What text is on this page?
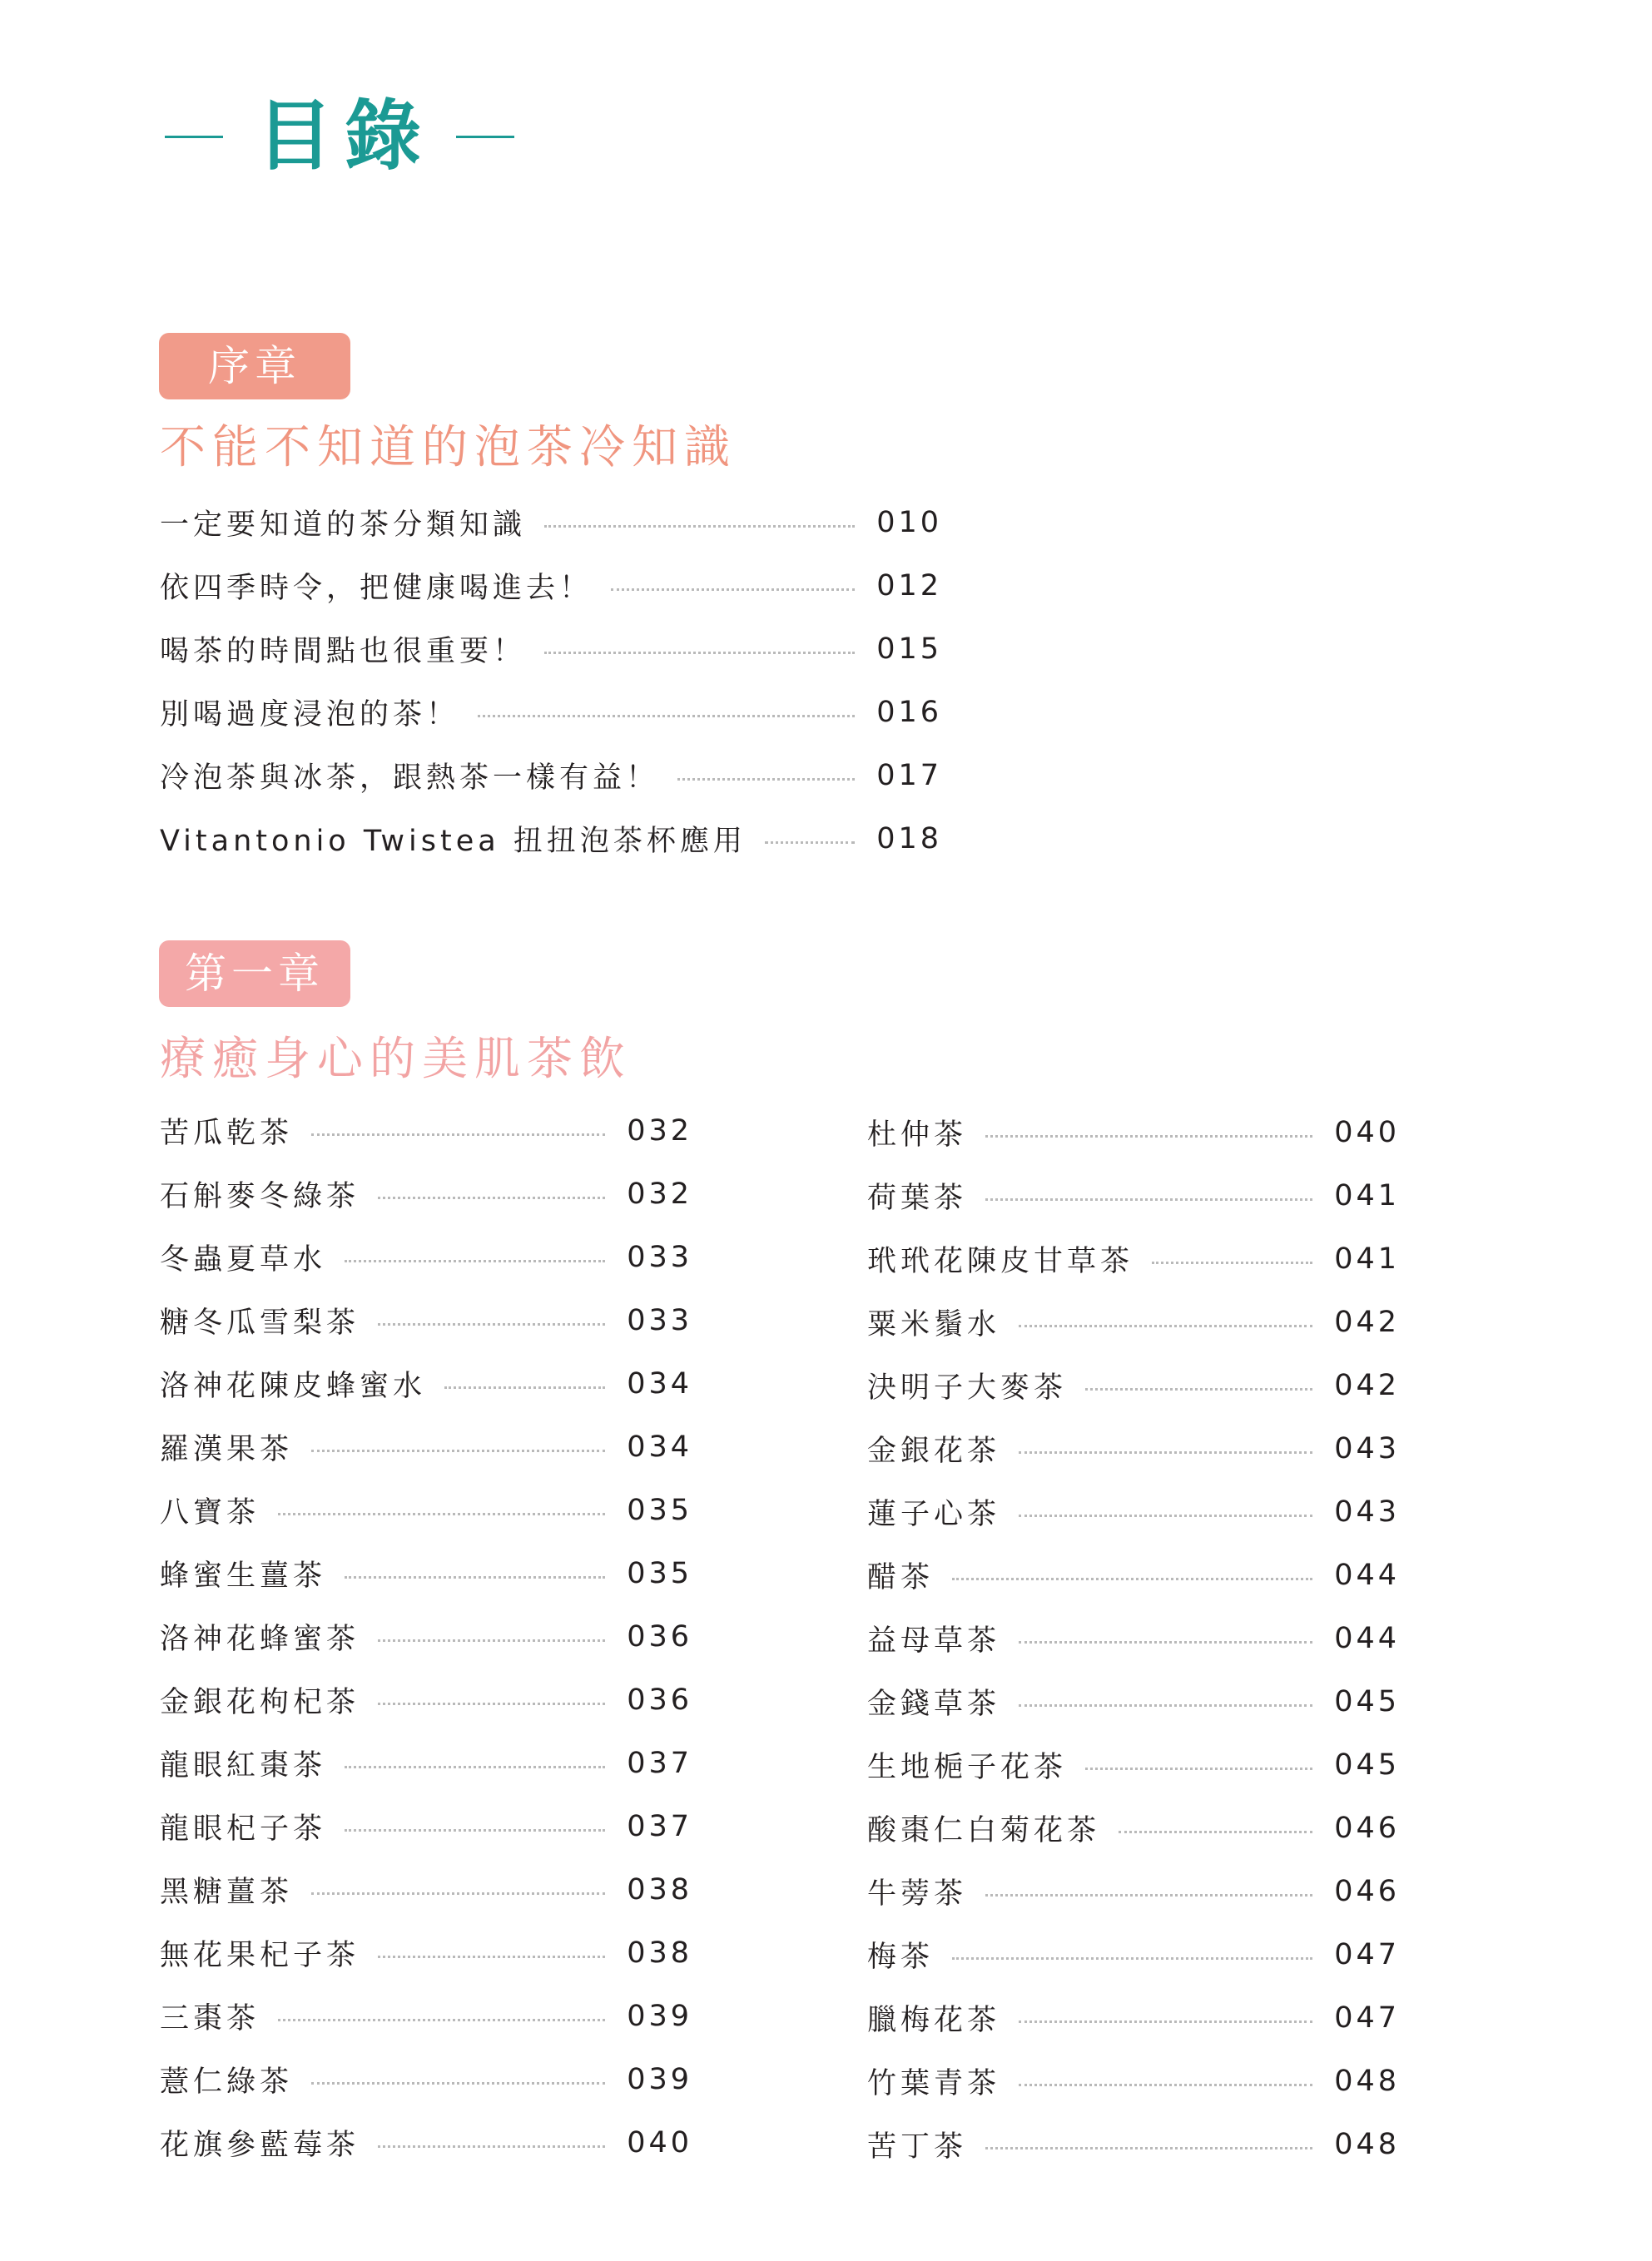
目錄
序章
不能不知道的泡茶冷知識
一定要知道的茶分類知識	010
依四季時令，把健康喝進去！	012
喝茶的時間點也很重要！	015
別喝過度浸泡的茶！	016
冷泡茶與冰茶，跟熱茶一樣有益！	017
Vitantonio Twistea 扭扭泡茶杯應用	018
第一章
療癒身心的美肌茶飲
苦瓜乾茶	032
石斛麥冬綠茶	032
冬蟲夏草水	033
糖冬瓜雪梨茶	033
洛神花陳皮蜂蜜水	034
羅漢果茶	034
八寶茶	035
蜂蜜生薑茶	035
洛神花蜂蜜茶	036
金銀花枸杞茶	036
龍眼紅棗茶	037
龍眼杞子茶	037
黑糖薑茶	038
無花果杞子茶	038
三棗茶	039
薏仁綠茶	039
花旗參藍莓茶	040
杜仲茶	040
荷葉茶	041
玳玳花陳皮甘草茶	041
粟米鬚水	042
決明子大麥茶	042
金銀花茶	043
蓮子心茶	043
醋茶	044
益母草茶	044
金錢草茶	045
生地梔子花茶	045
酸棗仁白菊花茶	046
牛蒡茶	046
梅茶	047
臘梅花茶	047
竹葉青茶	048
苦丁茶	048
